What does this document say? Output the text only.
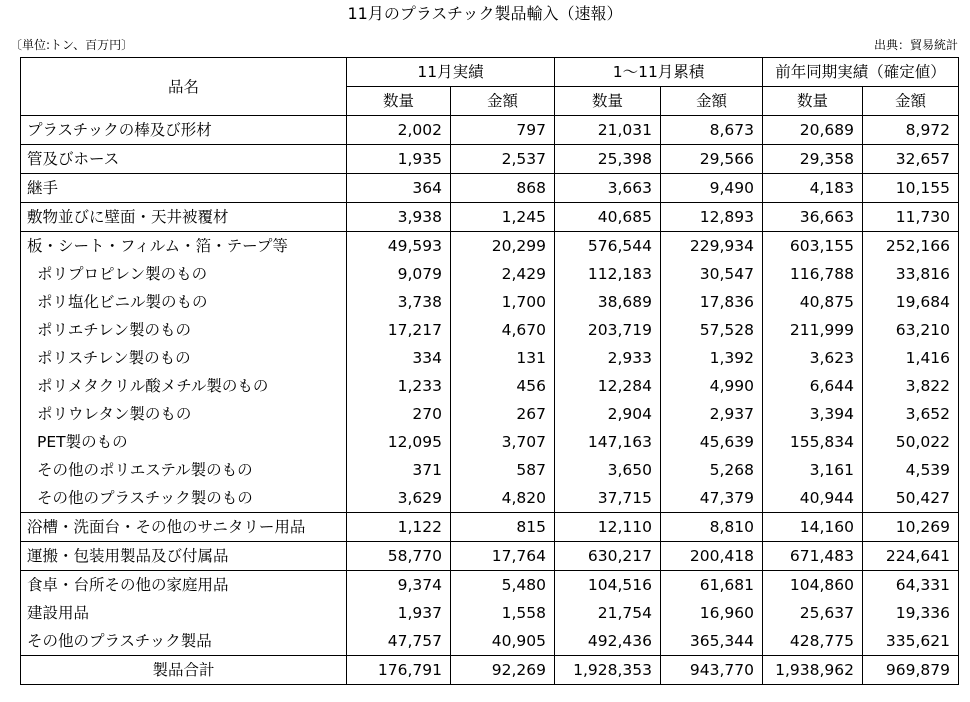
11月のプラスチック製品輸入（速報）
〔単位:トン、百万円〕	出典：貿易統計
品名	11月実績		1～11月累積		前年同期実績（確定値）	
	数量	金額	数量	金額	数量	金額
プラスチックの棒及び形材	2,002	797	21,031	8,673	20,689	8,972
管及びホース	1,935	2,537	25,398	29,566	29,358	32,657
継手	364	868	3,663	9,490	4,183	10,155
敷物並びに壁面・天井被覆材	3,938	1,245	40,685	12,893	36,663	11,730
板・シート・フィルム・箔・テープ等	49,593	20,299	576,544	229,934	603,155	252,166
ポリプロピレン製のもの	9,079	2,429	112,183	30,547	116,788	33,816
ポリ塩化ビニル製のもの	3,738	1,700	38,689	17,836	40,875	19,684
ポリエチレン製のもの	17,217	4,670	203,719	57,528	211,999	63,210
ポリスチレン製のもの	334	131	2,933	1,392	3,623	1,416
ポリメタクリル酸メチル製のもの	1,233	456	12,284	4,990	6,644	3,822
ポリウレタン製のもの	270	267	2,904	2,937	3,394	3,652
PET製のもの	12,095	3,707	147,163	45,639	155,834	50,022
その他のポリエステル製のもの	371	587	3,650	5,268	3,161	4,539
その他のプラスチック製のもの	3,629	4,820	37,715	47,379	40,944	50,427
浴槽・洗面台・その他のサニタリー用品	1,122	815	12,110	8,810	14,160	10,269
運搬・包装用製品及び付属品	58,770	17,764	630,217	200,418	671,483	224,641
食卓・台所その他の家庭用品	9,374	5,480	104,516	61,681	104,860	64,331
建設用品	1,937	1,558	21,754	16,960	25,637	19,336
その他のプラスチック製品	47,757	40,905	492,436	365,344	428,775	335,621
製品合計	176,791	92,269	1,928,353	943,770	1,938,962	969,879
